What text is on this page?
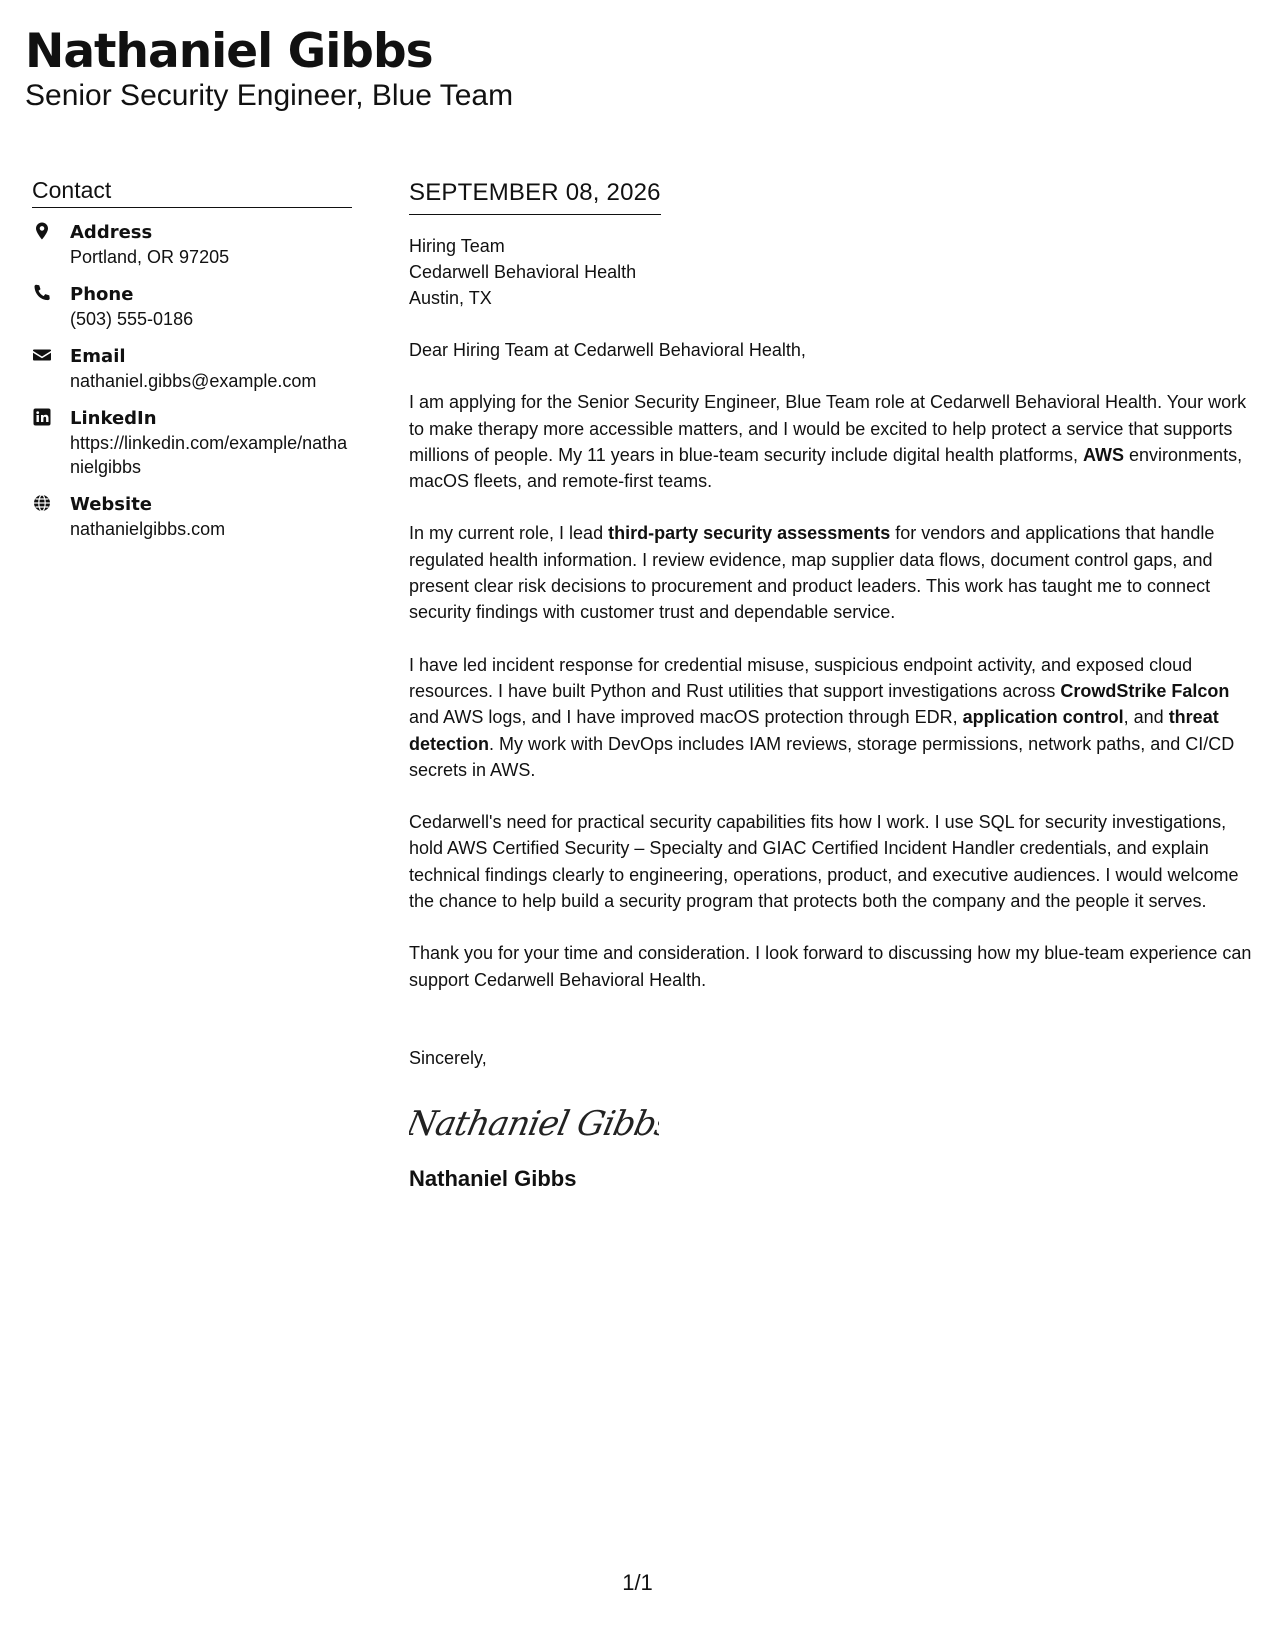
Nathaniel Gibbs
Senior Security Engineer, Blue Team
Contact
Address
Portland, OR 97205
Phone
(503) 555-0186
Email
nathaniel.gibbs@example.com
LinkedIn
https://linkedin.com/example/nathanielgibbs
Website
nathanielgibbs.com
SEPTEMBER 08, 2026
Hiring Team
Cedarwell Behavioral Health
Austin, TX

Dear Hiring Team at Cedarwell Behavioral Health,

I am applying for the Senior Security Engineer, Blue Team role at Cedarwell Behavioral Health. Your work to make therapy more accessible matters, and I would be excited to help protect a service that supports millions of people. My 11 years in blue-team security include digital health platforms, AWS environments, macOS fleets, and remote-first teams.

In my current role, I lead third-party security assessments for vendors and applications that handle regulated health information. I review evidence, map supplier data flows, document control gaps, and present clear risk decisions to procurement and product leaders. This work has taught me to connect security findings with customer trust and dependable service.

I have led incident response for credential misuse, suspicious endpoint activity, and exposed cloud resources. I have built Python and Rust utilities that support investigations across CrowdStrike Falcon and AWS logs, and I have improved macOS protection through EDR, application control, and threat detection. My work with DevOps includes IAM reviews, storage permissions, network paths, and CI/CD secrets in AWS.

Cedarwell's need for practical security capabilities fits how I work. I use SQL for security investigations, hold AWS Certified Security – Specialty and GIAC Certified Incident Handler credentials, and explain technical findings clearly to engineering, operations, product, and executive audiences. I would welcome the chance to help build a security program that protects both the company and the people it serves.

Thank you for your time and consideration. I look forward to discussing how my blue-team experience can support Cedarwell Behavioral Health.

Sincerely,
Nathaniel Gibbs
Nathaniel Gibbs
1/1
